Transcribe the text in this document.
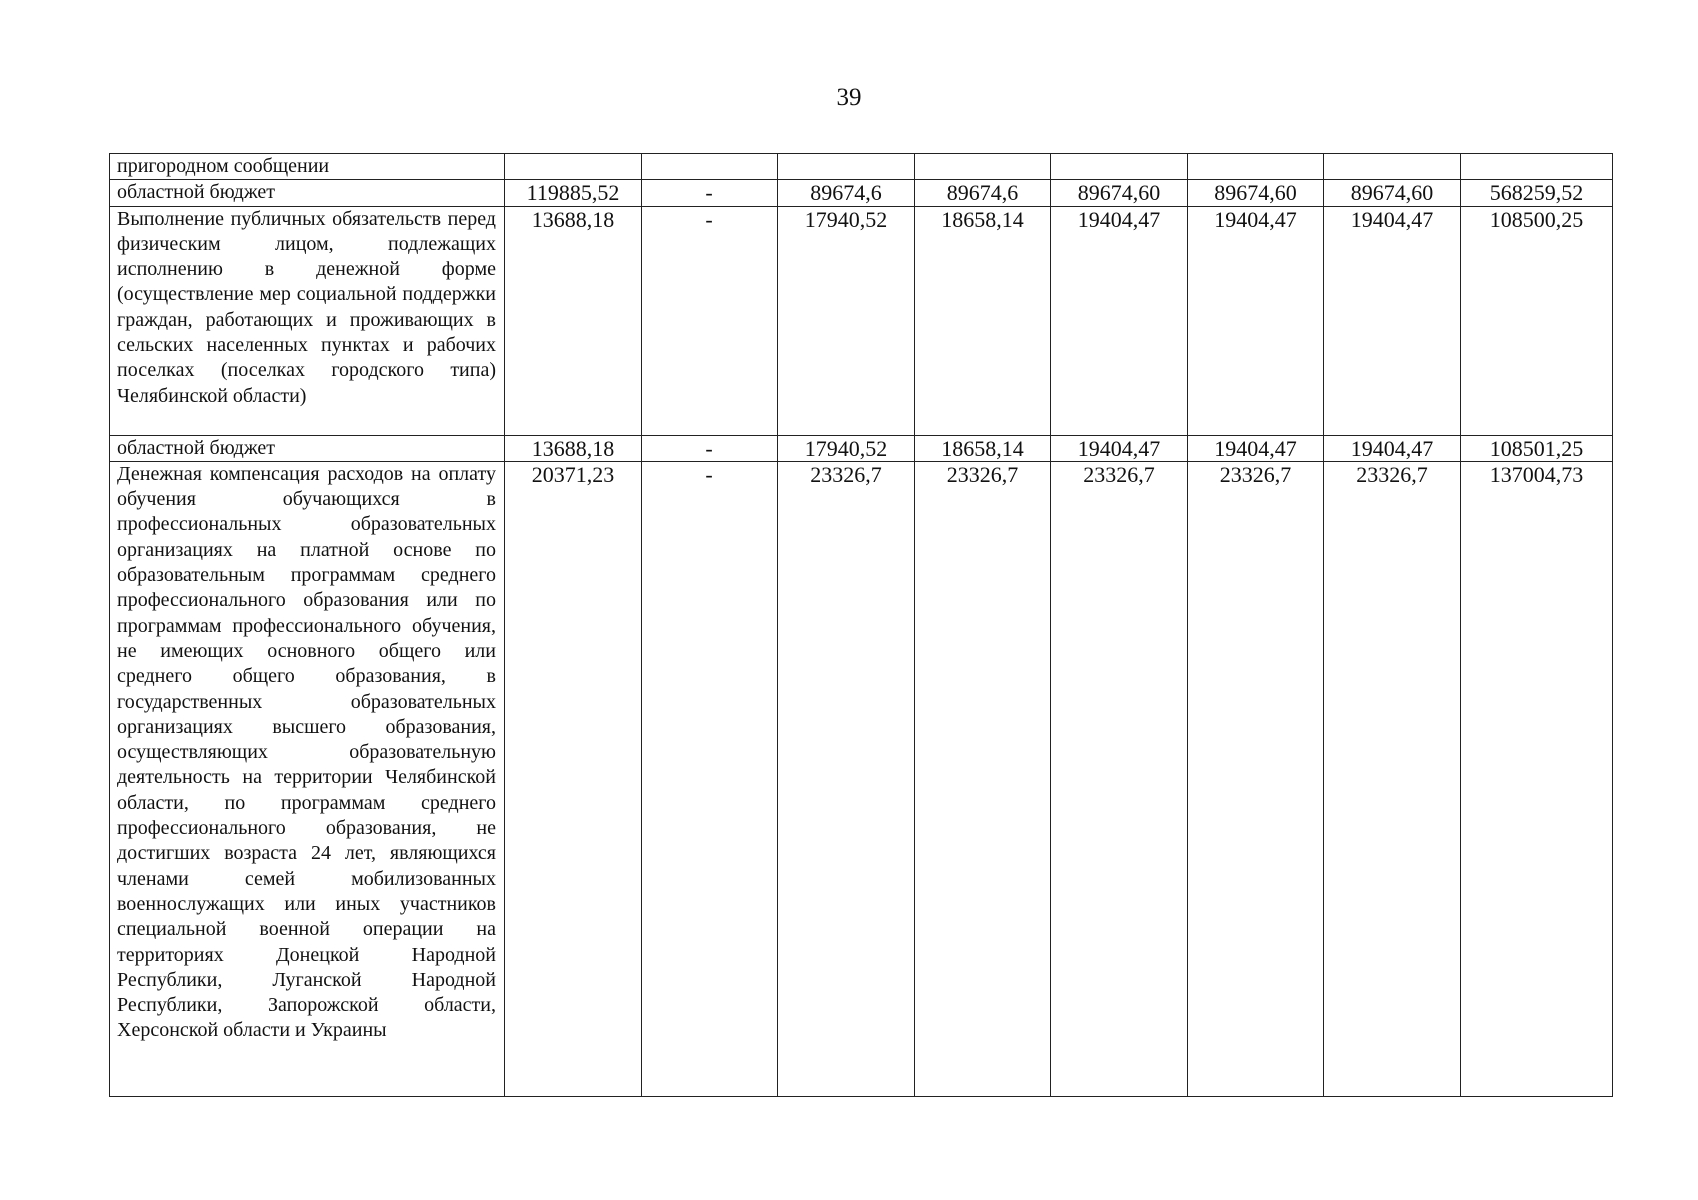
39
пригородном сообщении								
областной бюджет	119885,52	-	89674,6	89674,6	89674,60	89674,60	89674,60	568259,52
Выполнение публичных обязательств перед физическим лицом, подлежащих исполнению в денежной форме (осуществление мер социальной поддержки граждан, работающих и проживающих в сельских населенных пунктах и рабочих поселках (поселках городского типа) Челябинской области)	13688,18	-	17940,52	18658,14	19404,47	19404,47	19404,47	108500,25
областной бюджет	13688,18	-	17940,52	18658,14	19404,47	19404,47	19404,47	108501,25
Денежная компенсация расходов на оплату обучения обучающихся в профессиональных образовательных организациях на платной основе по образовательным программам среднего профессионального образования или по программам профессионального обучения, не имеющих основного общего или среднего общего образования, в государственных образовательных организациях высшего образования, осуществляющих образовательную деятельность на территории Челябинской области, по программам среднего профессионального образования, не достигших возраста 24 лет, являющихся членами семей мобилизованных военнослужащих или иных участников специальной военной операции на территориях Донецкой Народной Республики, Луганской Народной Республики, Запорожской области, Херсонской области и Украины	20371,23	-	23326,7	23326,7	23326,7	23326,7	23326,7	137004,73
